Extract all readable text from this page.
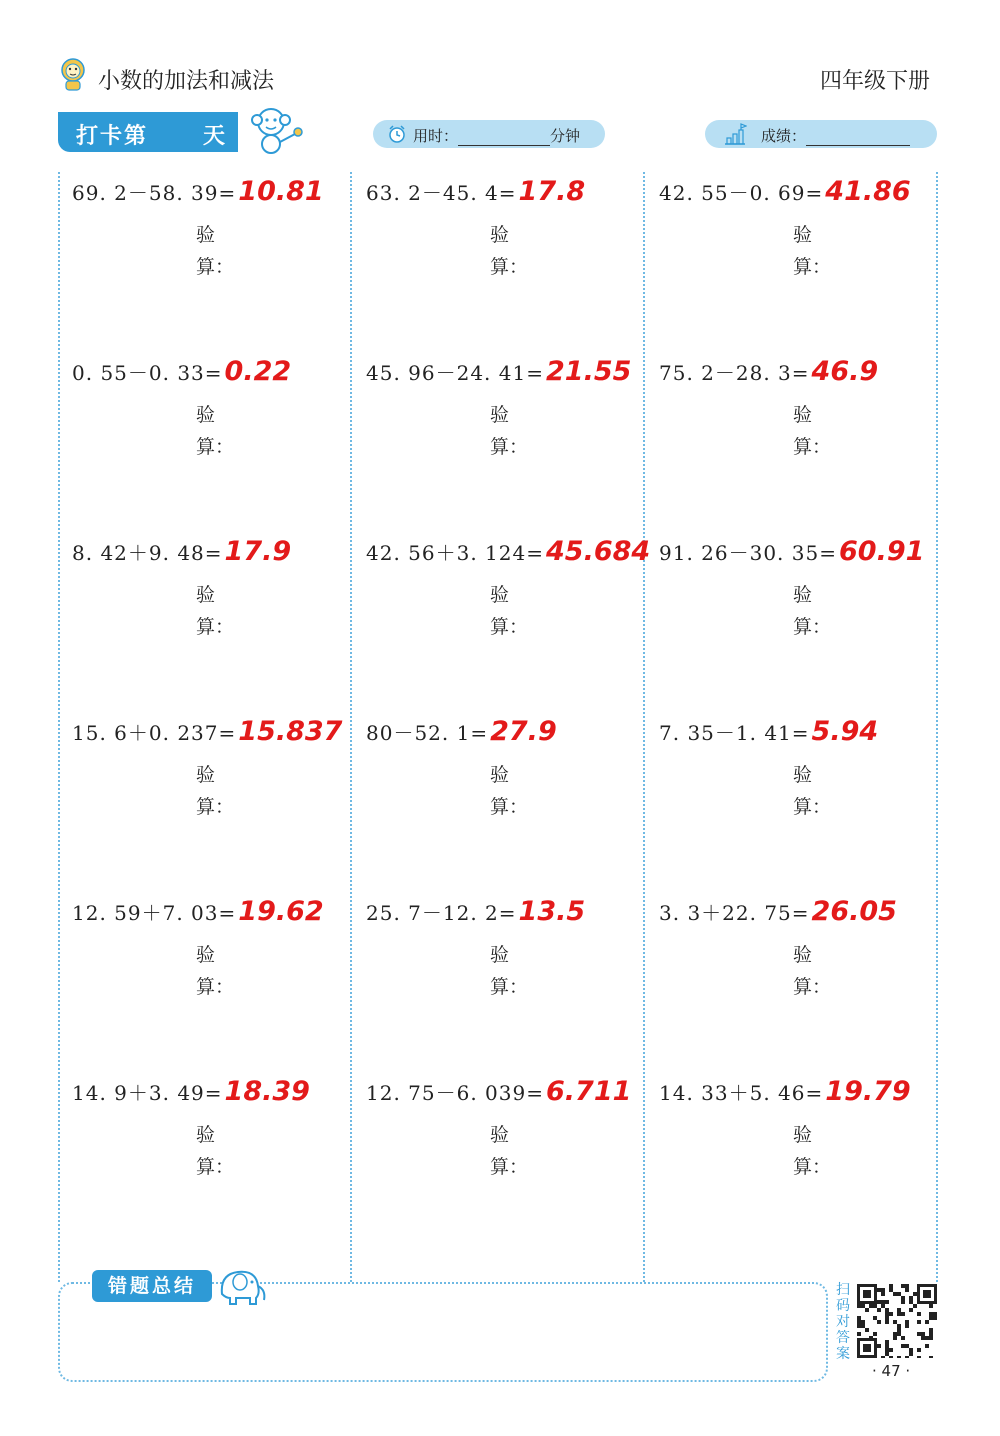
小数的加法和减法	四年级下册
打卡第 天	用时：	分钟	成绩：
69. 2－58. 39=10.81
验
算：
63. 2－45. 4=17.8
验
算：
42. 55－0. 69=41.86
验
算：
0. 55－0. 33=0.22
验
算：
45. 96－24. 41=21.55
验
算：
75. 2－28. 3=46.9
验
算：
8. 42＋9. 48=17.9
验
算：
42. 56＋3. 124=45.684
验
算：
91. 26－30. 35=60.91
验
算：
15. 6＋0. 237=15.837
验
算：
80－52. 1=27.9
验
算：
7. 35－1. 41=5.94
验
算：
12. 59＋7. 03=19.62
验
算：
25. 7－12. 2=13.5
验
算：
3. 3＋22. 75=26.05
验
算：
14. 9＋3. 49=18.39
验
算：
12. 75－6. 039=6.711
验
算：
14. 33＋5. 46=19.79
验
算：
错题总结	扫码对答案
· 47 ·
